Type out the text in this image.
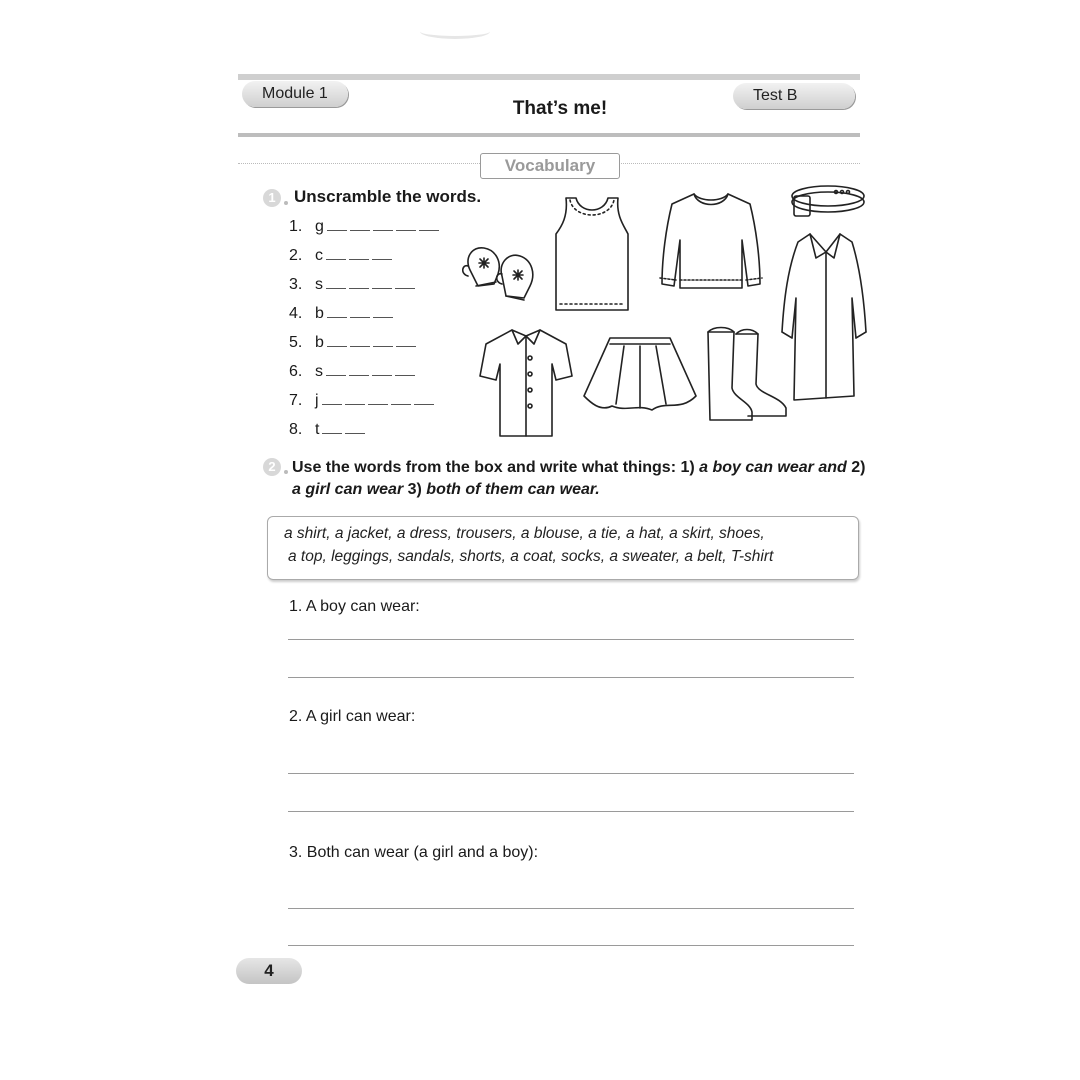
Module 1	Test B
That’s me!
Vocabulary
1	Unscramble the words.
1. g
2. c
3. s
4. b
5. b
6. s
7. j
8. t
2	Use the words from the box and write what things: 1) a boy can wear and 2) a girl can wear 3) both of them can wear.
a shirt, a jacket, a dress, trousers, a blouse, a tie, a hat, a skirt, shoes,
a top, leggings, sandals, shorts, a coat, socks, a sweater, a belt, T-shirt
1. A boy can wear:
2. A girl can wear:
3. Both can wear (a girl and a boy):
4
